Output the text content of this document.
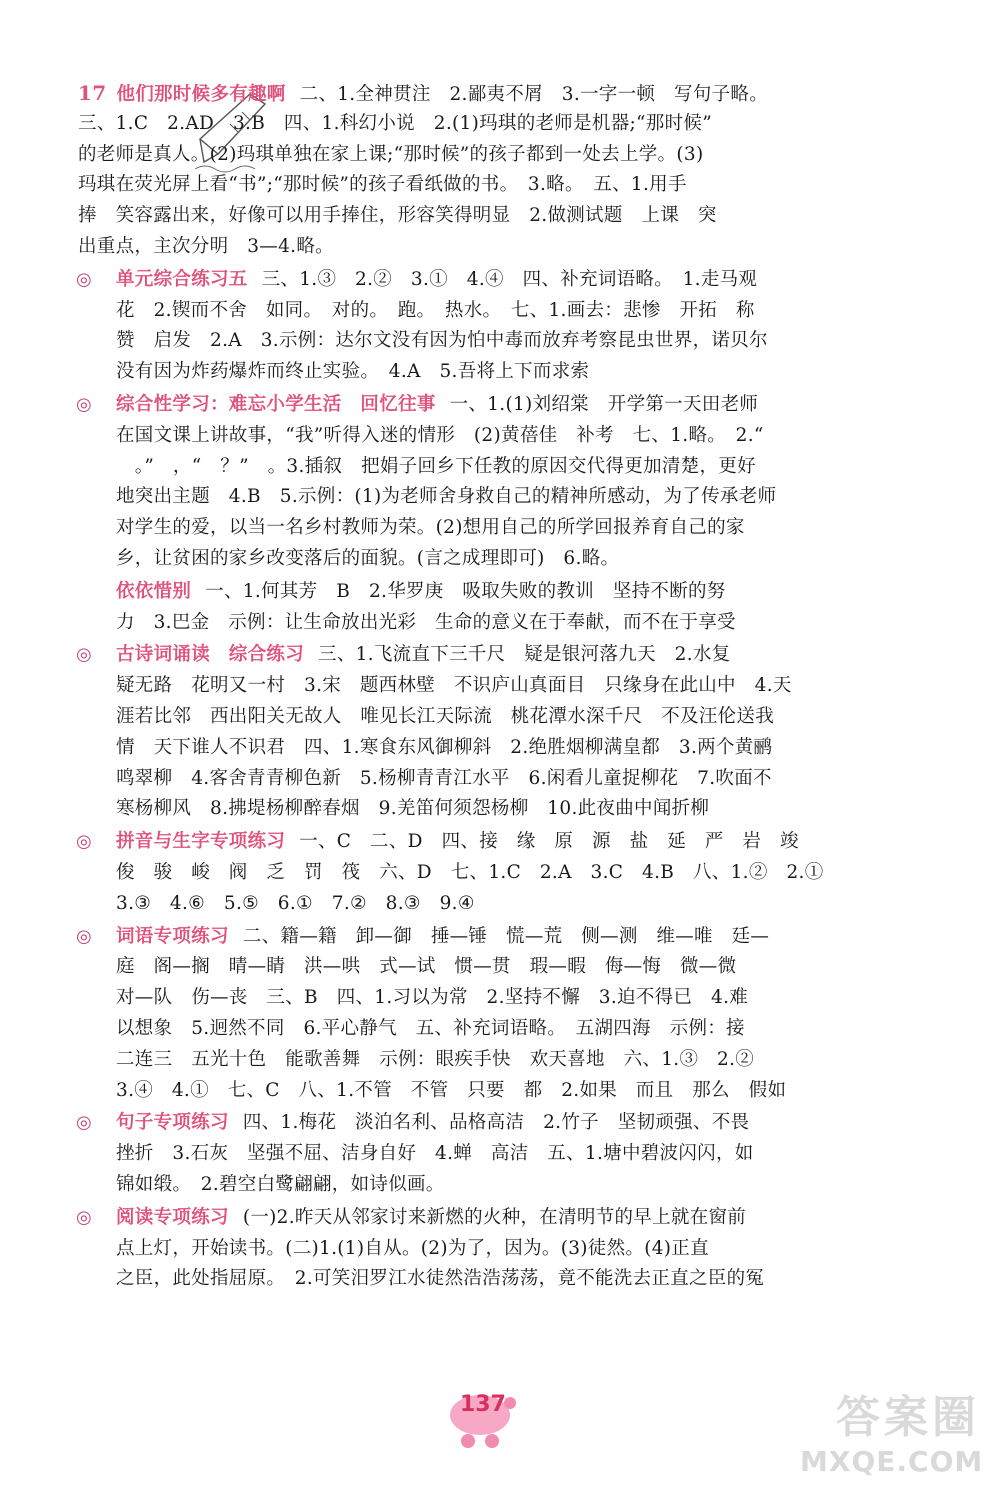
17 他们那时候多有趣啊 二、1.全神贯注　2.鄙夷不屑　3.一字一顿　写句子略。
三、1.C　2.AD　3.B　四、1.科幻小说　2.(1)玛琪的老师是机器;“那时候”
的老师是真人。(2)玛琪单独在家上课;“那时候”的孩子都到一处去上学。(3)
玛琪在荧光屏上看“书”;“那时候”的孩子看纸做的书。　3.略。　五、1.用手
捧　笑容露出来，好像可以用手捧住，形容笑得明显　2.做测试题　上课　突
出重点，主次分明　3—4.略。
◎ 单元综合练习五 三、1.③　2.②　3.①　4.④　四、补充词语略。　1.走马观
花　2.锲而不舍　如同。　对的。　跑。　热水。　七、1.画去：悲惨　开拓　称
赞　启发　2.A　3.示例：达尔文没有因为怕中毒而放弃考察昆虫世界，诺贝尔
没有因为炸药爆炸而终止实验。　4.A　5.吾将上下而求索
◎ 综合性学习：难忘小学生活　回忆往事 一、1.(1)刘绍棠　开学第一天田老师
在国文课上讲故事，“我”听得入迷的情形　(2)黄蓓佳　补考　七、1.略。　2.“
　。”　，“　？”　。3.插叙　把娟子回乡下任教的原因交代得更加清楚，更好
地突出主题　4.B　5.示例：(1)为老师舍身救自己的精神所感动，为了传承老师
对学生的爱，以当一名乡村教师为荣。(2)想用自己的所学回报养育自己的家
乡，让贫困的家乡改变落后的面貌。(言之成理即可)　6.略。
依依惜别 一、1.何其芳　B　2.华罗庚　吸取失败的教训　坚持不断的努
力　3.巴金　示例：让生命放出光彩　生命的意义在于奉献，而不在于享受
◎ 古诗词诵读　综合练习 三、1.飞流直下三千尺　疑是银河落九天　2.水复
疑无路　花明又一村　3.宋　题西林壁　不识庐山真面目　只缘身在此山中　4.天
涯若比邻　西出阳关无故人　唯见长江天际流　桃花潭水深千尺　不及汪伦送我
情　天下谁人不识君　四、1.寒食东风御柳斜　2.绝胜烟柳满皇都　3.两个黄鹂
鸣翠柳　4.客舍青青柳色新　5.杨柳青青江水平　6.闲看儿童捉柳花　7.吹面不
寒杨柳风　8.拂堤杨柳醉春烟　9.羌笛何须怨杨柳　10.此夜曲中闻折柳
◎ 拼音与生字专项练习 一、C　二、D　四、接　缘　原　源　盐　延　严　岩　竣
俊　骏　峻　阀　乏　罚　筏　六、D　七、1.C　2.A　3.C　4.B　八、1.②　2.①
3.③　4.⑥　5.⑤　6.①　7.②　8.③　9.④
◎ 词语专项练习 二、籍—籍　卸—御　捶—锤　慌—荒　侧—测　维—唯　廷—
庭　阁—搁　晴—睛　洪—哄　式—试　惯—贯　瑕—暇　侮—悔　微—微
对—队　伤—丧　三、B　四、1.习以为常　2.坚持不懈　3.迫不得已　4.难
以想象　5.迥然不同　6.平心静气　五、补充词语略。　五湖四海　示例：接
二连三　五光十色　能歌善舞　示例：眼疾手快　欢天喜地　六、1.③　2.②
3.④　4.①　七、C　八、1.不管　不管　只要　都　2.如果　而且　那么　假如
◎ 句子专项练习 四、1.梅花　淡泊名利、品格高洁　2.竹子　坚韧顽强、不畏
挫折　3.石灰　坚强不屈、洁身自好　4.蝉　高洁　五、1.塘中碧波闪闪，如
锦如缎。　2.碧空白鹭翩翩，如诗似画。
◎ 阅读专项练习 (一)2.昨天从邻家讨来新燃的火种，在清明节的早上就在窗前
点上灯，开始读书。(二)1.(1)自从。(2)为了，因为。(3)徒然。(4)正直
之臣，此处指屈原。　2.可笑汨罗江水徒然浩浩荡荡，竟不能洗去正直之臣的冤
137	答案圈
MXQE.COM
